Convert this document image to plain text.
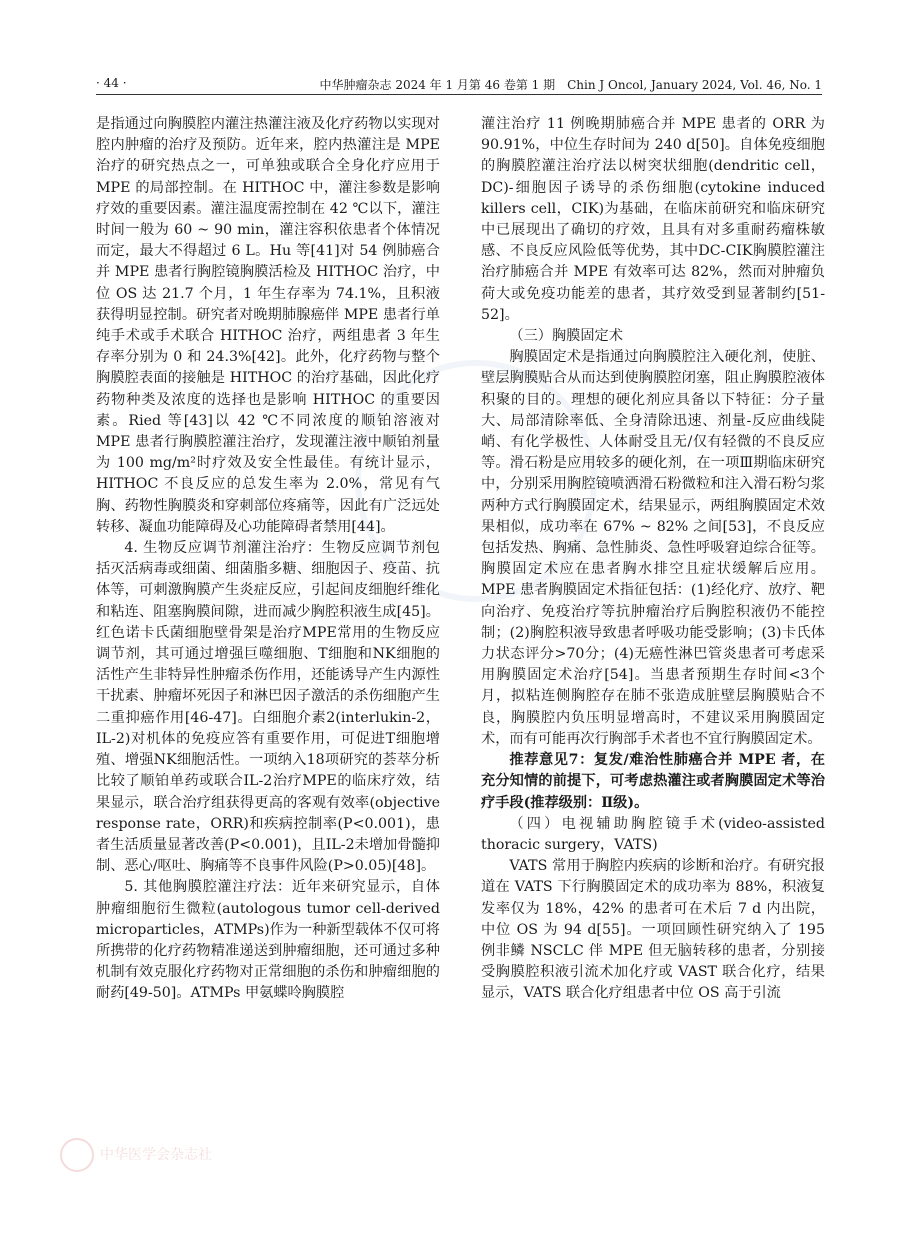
· 44 ·	中华肿瘤杂志 2024 年 1 月第 46 卷第 1 期　Chin J Oncol, January 2024, Vol. 46, No. 1

是指通过向胸膜腔内灌注热灌注液及化疗药物以实现对腔内肿瘤的治疗及预防。近年来，腔内热灌注是 MPE 治疗的研究热点之一，可单独或联合全身化疗应用于 MPE 的局部控制。在 HITHOC 中，灌注参数是影响疗效的重要因素。灌注温度需控制在 42 ℃以下，灌注时间一般为 60 ~ 90 min，灌注容积依患者个体情况而定，最大不得超过 6 L。Hu 等[41]对 54 例肺癌合并 MPE 患者行胸腔镜胸膜活检及 HITHOC 治疗，中位 OS 达 21.7 个月，1 年生存率为 74.1%，且积液获得明显控制。研究者对晚期肺腺癌伴 MPE 患者行单纯手术或手术联合 HITHOC 治疗，两组患者 3 年生存率分别为 0 和 24.3%[42]。此外，化疗药物与整个胸膜腔表面的接触是 HITHOC 的治疗基础，因此化疗药物种类及浓度的选择也是影响 HITHOC 的重要因素。Ried 等[43]以 42 ℃不同浓度的顺铂溶液对 MPE 患者行胸膜腔灌注治疗，发现灌注液中顺铂剂量为 100 mg/m²时疗效及安全性最佳。有统计显示，HITHOC 不良反应的总发生率为 2.0%，常见有气胸、药物性胸膜炎和穿刺部位疼痛等，因此有广泛远处转移、凝血功能障碍及心功能障碍者禁用[44]。

4. 生物反应调节剂灌注治疗：生物反应调节剂包括灭活病毒或细菌、细菌脂多糖、细胞因子、疫苗、抗体等，可刺激胸膜产生炎症反应，引起间皮细胞纤维化和粘连、阻塞胸膜间隙，进而减少胸腔积液生成[45]。红色诺卡氏菌细胞壁骨架是治疗MPE常用的生物反应调节剂，其可通过增强巨噬细胞、T细胞和NK细胞的活性产生非特异性肿瘤杀伤作用，还能诱导产生内源性干扰素、肿瘤坏死因子和淋巴因子激活的杀伤细胞产生二重抑癌作用[46-47]。白细胞介素2(interlukin-2，IL-2)对机体的免疫应答有重要作用，可促进T细胞增殖、增强NK细胞活性。一项纳入18项研究的荟萃分析比较了顺铂单药或联合IL-2治疗MPE的临床疗效，结果显示，联合治疗组获得更高的客观有效率(objective response rate，ORR)和疾病控制率(P<0.001)，患者生活质量显著改善(P<0.001)，且IL-2未增加骨髓抑制、恶心/呕吐、胸痛等不良事件风险(P>0.05)[48]。

5. 其他胸膜腔灌注疗法：近年来研究显示，自体肿瘤细胞衍生微粒(autologous tumor cell-derived microparticles，ATMPs)作为一种新型载体不仅可将所携带的化疗药物精准递送到肿瘤细胞，还可通过多种机制有效克服化疗药物对正常细胞的杀伤和肿瘤细胞的耐药[49-50]。ATMPs 甲氨蝶呤胸膜腔

灌注治疗 11 例晚期肺癌合并 MPE 患者的 ORR 为 90.91%，中位生存时间为 240 d[50]。自体免疫细胞的胸膜腔灌注治疗法以树突状细胞(dendritic cell，DC)-细胞因子诱导的杀伤细胞(cytokine induced killers cell，CIK)为基础，在临床前研究和临床研究中已展现出了确切的疗效，且具有对多重耐药瘤株敏感、不良反应风险低等优势，其中DC-CIK胸膜腔灌注治疗肺癌合并 MPE 有效率可达 82%，然而对肿瘤负荷大或免疫功能差的患者，其疗效受到显著制约[51-52]。

（三）胸膜固定术

胸膜固定术是指通过向胸膜腔注入硬化剂，使脏、壁层胸膜贴合从而达到使胸膜腔闭塞，阻止胸膜腔液体积聚的目的。理想的硬化剂应具备以下特征：分子量大、局部清除率低、全身清除迅速、剂量-反应曲线陡峭、有化学极性、人体耐受且无/仅有轻微的不良反应等。滑石粉是应用较多的硬化剂，在一项Ⅲ期临床研究中，分别采用胸腔镜喷洒滑石粉微粒和注入滑石粉匀浆两种方式行胸膜固定术，结果显示，两组胸膜固定术效果相似，成功率在 67% ~ 82% 之间[53]，不良反应包括发热、胸痛、急性肺炎、急性呼吸窘迫综合征等。胸膜固定术应在患者胸水排空且症状缓解后应用。MPE 患者胸膜固定术指征包括：(1)经化疗、放疗、靶向治疗、免疫治疗等抗肿瘤治疗后胸腔积液仍不能控制；(2)胸腔积液导致患者呼吸功能受影响；(3)卡氏体力状态评分>70分；(4)无癌性淋巴管炎患者可考虑采用胸膜固定术治疗[54]。当患者预期生存时间<3个月，拟粘连侧胸腔存在肺不张造成脏壁层胸膜贴合不良，胸膜腔内负压明显增高时，不建议采用胸膜固定术，而有可能再次行胸部手术者也不宜行胸膜固定术。

推荐意见7：复发/难治性肺癌合并 MPE 者，在充分知情的前提下，可考虑热灌注或者胸膜固定术等治疗手段(推荐级别：Ⅱ级)。

（四）电视辅助胸腔镜手术(video-assisted thoracic surgery，VATS)

VATS 常用于胸腔内疾病的诊断和治疗。有研究报道在 VATS 下行胸膜固定术的成功率为 88%，积液复发率仅为 18%，42% 的患者可在术后 7 d 内出院，中位 OS 为 94 d[55]。一项回顾性研究纳入了 195 例非鳞 NSCLC 伴 MPE 但无脑转移的患者，分别接受胸膜腔积液引流术加化疗或 VAST 联合化疗，结果显示，VATS 联合化疗组患者中位 OS 高于引流

中华医学会杂志社
